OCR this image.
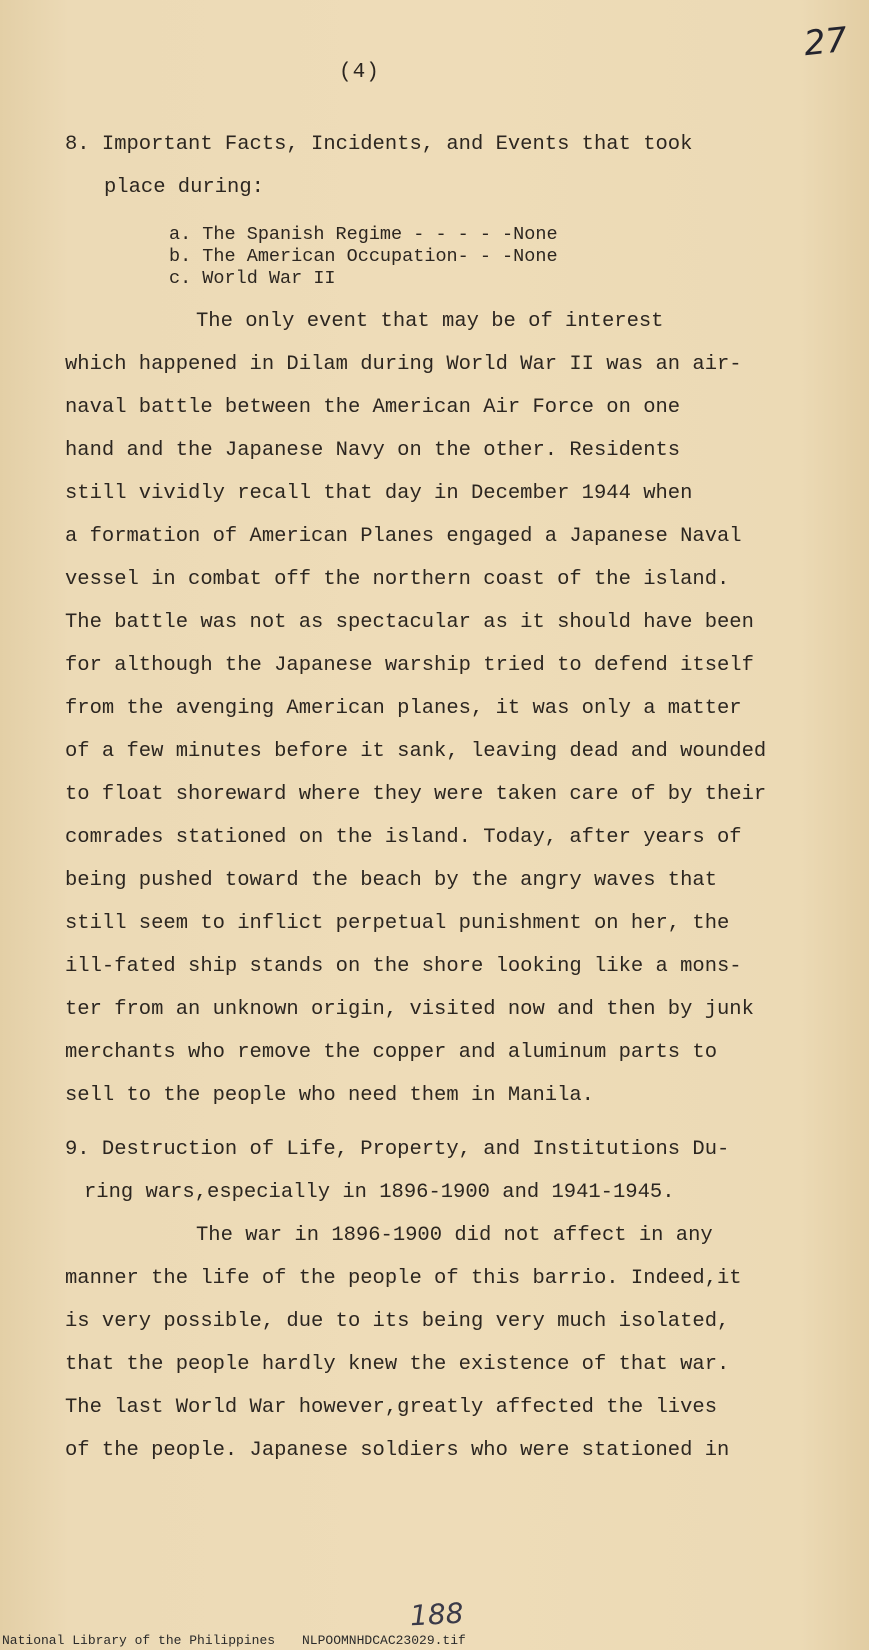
27
(4)
8. Important Facts, Incidents, and Events that took
place during:
a. The Spanish Regime - - - - -None
b. The American Occupation- - -None
c. World War II
The only event that may be of interest
which happened in Dilam during World War II was an air-
naval battle between the American Air Force on one
hand and the Japanese Navy on the other. Residents
still vividly recall that day in December 1944 when
a formation of American Planes engaged a Japanese Naval
vessel in combat off the northern coast of the island.
The battle was not as spectacular as it should have been
for although the Japanese warship tried to defend itself
from the avenging American planes, it was only a matter
of a few minutes before it sank, leaving dead and wounded
to float shoreward where they were taken care of by their
comrades stationed on the island. Today, after years of
being pushed toward the beach by the angry waves that
still seem to inflict perpetual punishment on her, the
ill-fated ship stands on the shore looking like a mons-
ter from an unknown origin, visited now and then by junk
merchants who remove the copper and aluminum parts to
sell to the people who need them in Manila.
9. Destruction of Life, Property, and Institutions Du-
ring wars,especially in 1896-1900 and 1941-1945.
The war in 1896-1900 did not affect in any
manner the life of the people of this barrio. Indeed,it
is very possible, due to its being very much isolated,
that the people hardly knew the existence of that war.
The last World War however,greatly affected the lives
of the people. Japanese soldiers who were stationed in
188
National Library of the Philippines NLPOOMNHDCAC23029.tif
